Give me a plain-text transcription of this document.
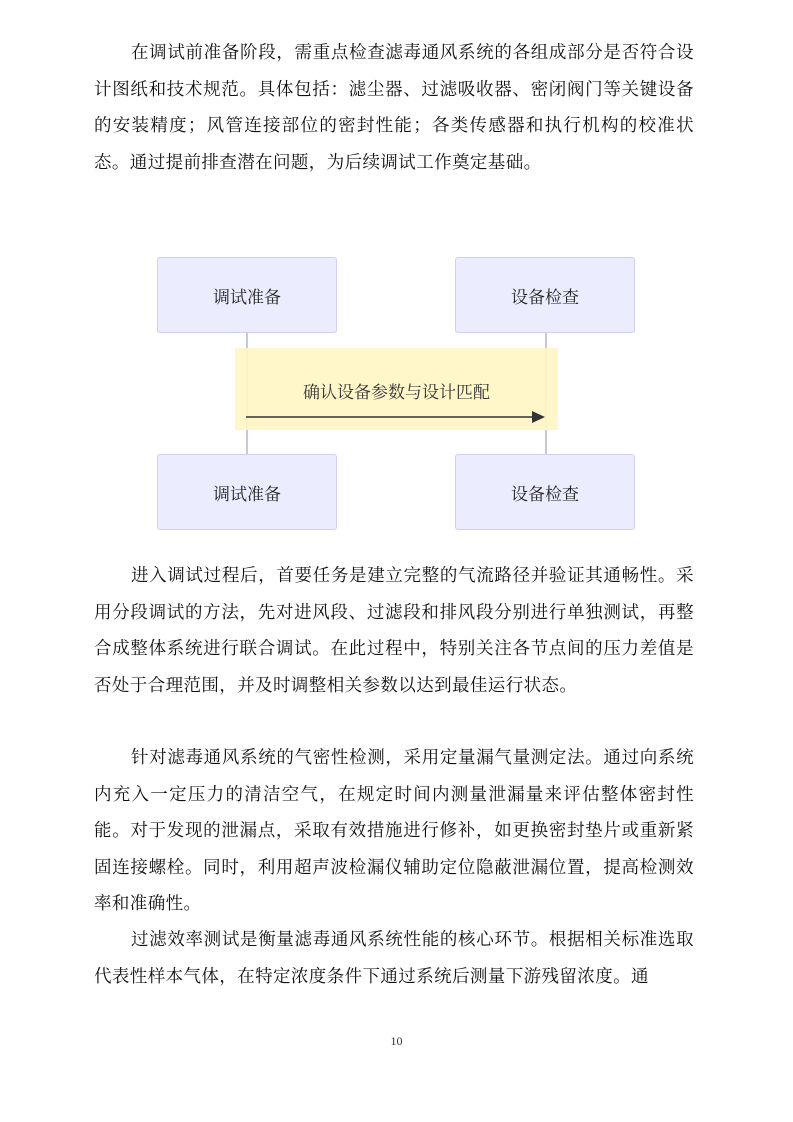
在调试前准备阶段，需重点检查滤毒通风系统的各组成部分是否符合设计图纸和技术规范。具体包括：滤尘器、过滤吸收器、密闭阀门等关键设备的安装精度；风管连接部位的密封性能；各类传感器和执行机构的校准状态。通过提前排查潜在问题，为后续调试工作奠定基础。

调试准备	设备检查
确认设备参数与设计匹配
调试准备	设备检查

进入调试过程后，首要任务是建立完整的气流路径并验证其通畅性。采用分段调试的方法，先对进风段、过滤段和排风段分别进行单独测试，再整合成整体系统进行联合调试。在此过程中，特别关注各节点间的压力差值是否处于合理范围，并及时调整相关参数以达到最佳运行状态。

针对滤毒通风系统的气密性检测，采用定量漏气量测定法。通过向系统内充入一定压力的清洁空气，在规定时间内测量泄漏量来评估整体密封性能。对于发现的泄漏点，采取有效措施进行修补，如更换密封垫片或重新紧固连接螺栓。同时，利用超声波检漏仪辅助定位隐蔽泄漏位置，提高检测效率和准确性。

过滤效率测试是衡量滤毒通风系统性能的核心环节。根据相关标准选取代表性样本气体，在特定浓度条件下通过系统后测量下游残留浓度。通

10
